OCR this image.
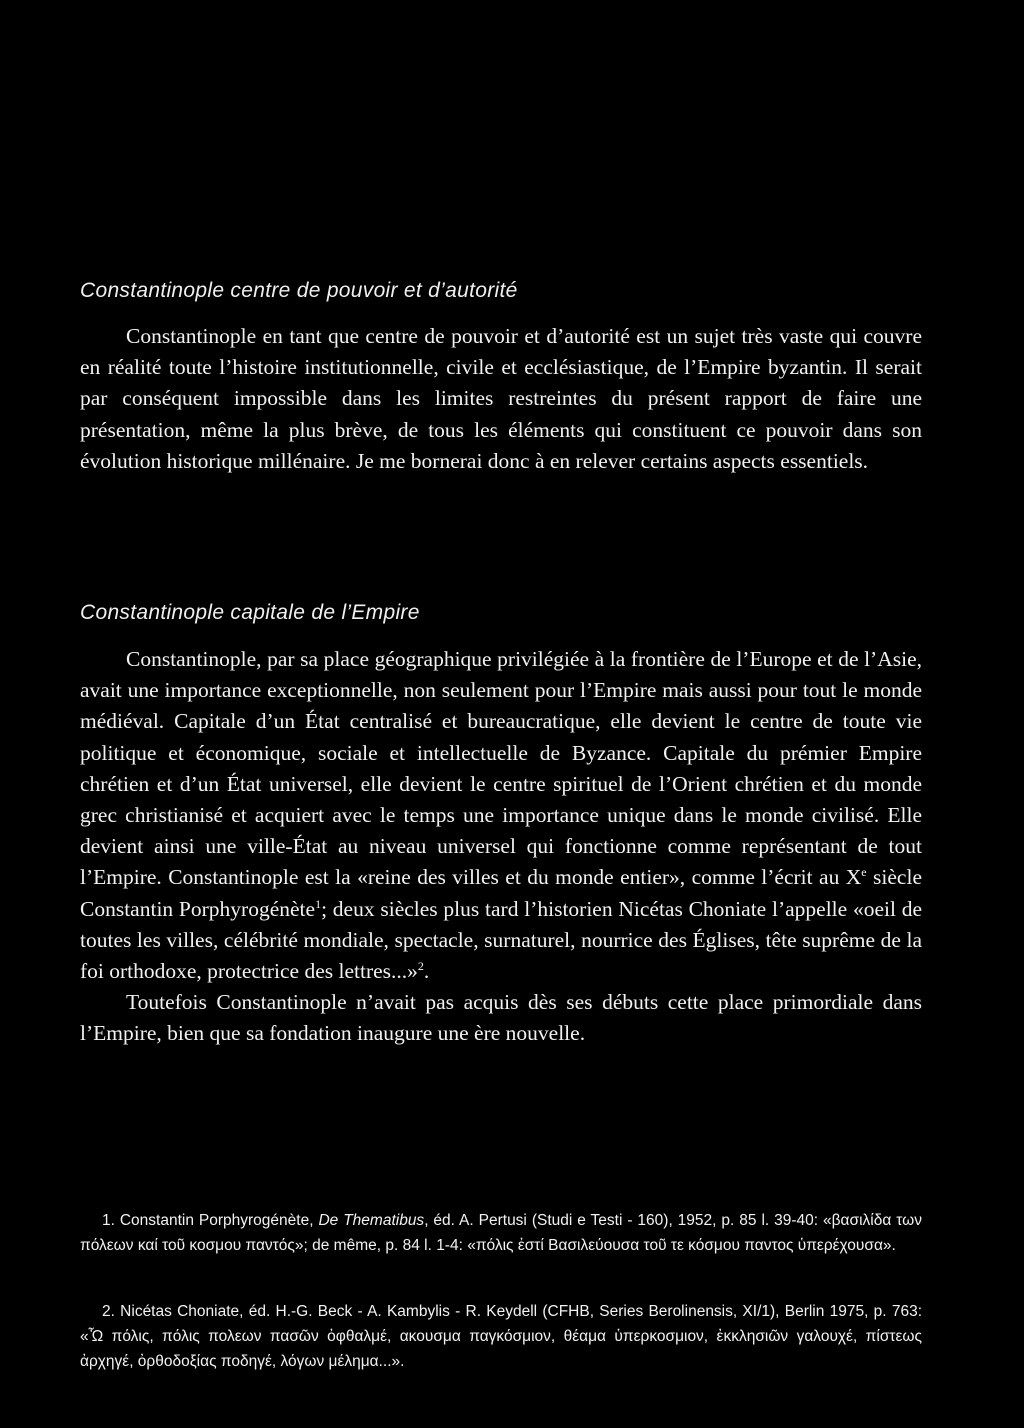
Constantinople centre de pouvoir et d’autorité

Constantinople en tant que centre de pouvoir et d’autorité est un sujet très vaste qui couvre en réalité toute l’histoire institutionnelle, civile et ecclésiastique, de l’Empire byzantin. Il serait par conséquent impossible dans les limites restreintes du présent rapport de faire une présentation, même la plus brève, de tous les éléments qui constituent ce pouvoir dans son évolution historique millénaire. Je me bornerai donc à en relever certains aspects essentiels.

Constantinople capitale de l’Empire

Constantinople, par sa place géographique privilégiée à la frontière de l’Europe et de l’Asie, avait une importance exceptionnelle, non seulement pour l’Empire mais aussi pour tout le monde médiéval. Capitale d’un État centralisé et bureaucratique, elle devient le centre de toute vie politique et économique, sociale et intellectuelle de Byzance. Capitale du prémier Empire chrétien et d’un État universel, elle devient le centre spirituel de l’Orient chrétien et du monde grec christianisé et acquiert avec le temps une importance unique dans le monde civilisé. Elle devient ainsi une ville-État au niveau universel qui fonctionne comme représentant de tout l’Empire. Constantinople est la «reine des villes et du monde entier», comme l’écrit au Xe siècle Constantin Porphyrogénète$^1$; deux siècles plus tard l’historien Nicétas Choniate l’appelle «oeil de toutes les villes, célébrité mondiale, spectacle, surnaturel, nourrice des Églises, tête suprême de la foi orthodoxe, protectrice des lettres...»$^2$.

Toutefois Constantinople n’avait pas acquis dès ses débuts cette place primordiale dans l’Empire, bien que sa fondation inaugure une ère nouvelle.

1. Constantin Porphyrogénète, De Thematibus, éd. A. Pertusi (Studi e Testi - 160), 1952, p. 85 l. 39-40: «βασιλίδα των πόλεων καί τοῦ κοσμου παντός»; de même, p. 84 l. 1-4: «πόλις ἐστί Βασιλεύουσα τοῦ τε κόσμου παντος ὑπερέχουσα».

2. Nicétas Choniate, éd. H.-G. Beck - A. Kambylis - R. Keydell (CFHB, Series Berolinensis, XI/1), Berlin 1975, p. 763: «Ὦ πόλις, πόλις πολεων πασῶν ὀφθαλμέ, ακουσμα παγκόσμιον, θέαμα ὑπερκοσμιον, ἐκκλησιῶν γαλουχέ, πίστεως ἀρχηγέ, ὀρθοδοξίας ποδηγέ, λόγων μέλημα...».
